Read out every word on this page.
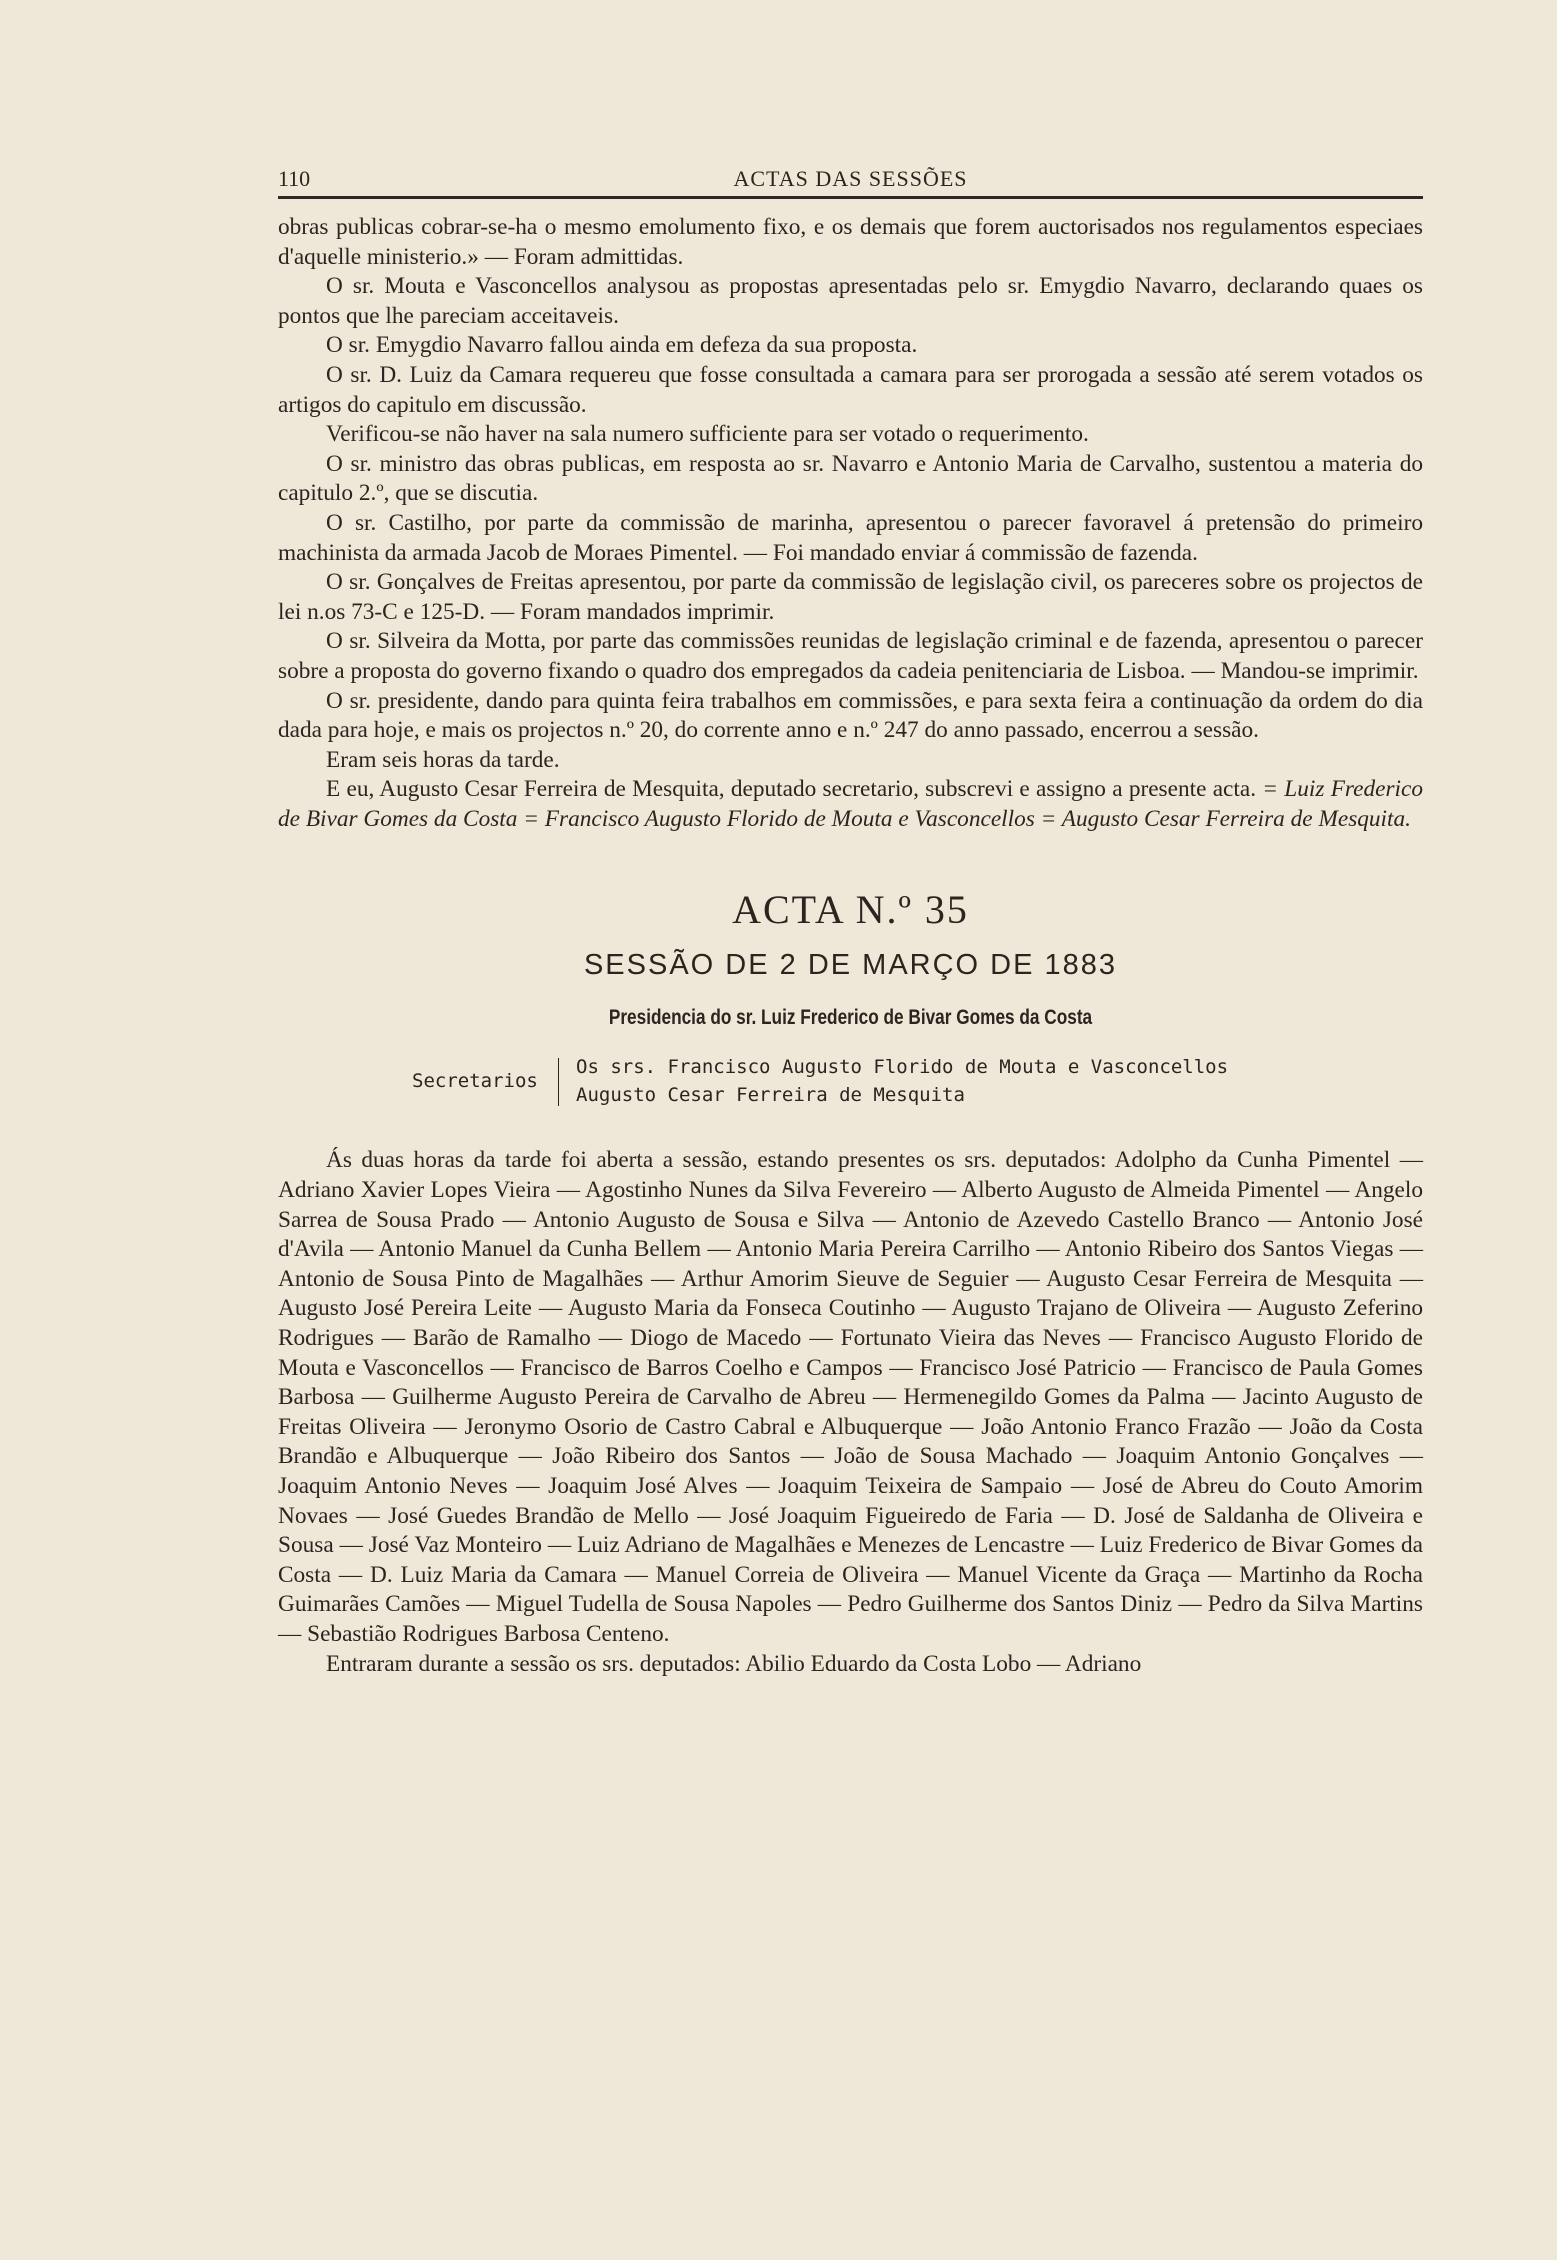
110	ACTAS DAS SESSÕES

obras publicas cobrar-se-ha o mesmo emolumento fixo, e os demais que forem auctorisados nos regulamentos especiaes d'aquelle ministerio.» — Foram admittidas.

O sr. Mouta e Vasconcellos analysou as propostas apresentadas pelo sr. Emygdio Navarro, declarando quaes os pontos que lhe pareciam acceitaveis.

O sr. Emygdio Navarro fallou ainda em defeza da sua proposta.

O sr. D. Luiz da Camara requereu que fosse consultada a camara para ser prorogada a sessão até serem votados os artigos do capitulo em discussão.

Verificou-se não haver na sala numero sufficiente para ser votado o requerimento.

O sr. ministro das obras publicas, em resposta ao sr. Navarro e Antonio Maria de Carvalho, sustentou a materia do capitulo 2.º, que se discutia.

O sr. Castilho, por parte da commissão de marinha, apresentou o parecer favoravel á pretensão do primeiro machinista da armada Jacob de Moraes Pimentel. — Foi mandado enviar á commissão de fazenda.

O sr. Gonçalves de Freitas apresentou, por parte da commissão de legislação civil, os pareceres sobre os projectos de lei n.os 73-C e 125-D. — Foram mandados imprimir.

O sr. Silveira da Motta, por parte das commissões reunidas de legislação criminal e de fazenda, apresentou o parecer sobre a proposta do governo fixando o quadro dos empregados da cadeia penitenciaria de Lisboa. — Mandou-se imprimir.

O sr. presidente, dando para quinta feira trabalhos em commissões, e para sexta feira a continuação da ordem do dia dada para hoje, e mais os projectos n.º 20, do corrente anno e n.º 247 do anno passado, encerrou a sessão.

Eram seis horas da tarde.

E eu, Augusto Cesar Ferreira de Mesquita, deputado secretario, subscrevi e assigno a presente acta. = Luiz Frederico de Bivar Gomes da Costa = Francisco Augusto Florido de Mouta e Vasconcellos = Augusto Cesar Ferreira de Mesquita.

ACTA N.º 35
SESSÃO DE 2 DE MARÇO DE 1883
Presidencia do sr. Luiz Frederico de Bivar Gomes da Costa
Secretarios
Os srs. Francisco Augusto Florido de Mouta e Vasconcellos
Augusto Cesar Ferreira de Mesquita

Ás duas horas da tarde foi aberta a sessão, estando presentes os srs. deputados: Adolpho da Cunha Pimentel — Adriano Xavier Lopes Vieira — Agostinho Nunes da Silva Fevereiro — Alberto Augusto de Almeida Pimentel — Angelo Sarrea de Sousa Prado — Antonio Augusto de Sousa e Silva — Antonio de Azevedo Castello Branco — Antonio José d'Avila — Antonio Manuel da Cunha Bellem — Antonio Maria Pereira Carrilho — Antonio Ribeiro dos Santos Viegas — Antonio de Sousa Pinto de Magalhães — Arthur Amorim Sieuve de Seguier — Augusto Cesar Ferreira de Mesquita — Augusto José Pereira Leite — Augusto Maria da Fonseca Coutinho — Augusto Trajano de Oliveira — Augusto Zeferino Rodrigues — Barão de Ramalho — Diogo de Macedo — Fortunato Vieira das Neves — Francisco Augusto Florido de Mouta e Vasconcellos — Francisco de Barros Coelho e Campos — Francisco José Patricio — Francisco de Paula Gomes Barbosa — Guilherme Augusto Pereira de Carvalho de Abreu — Hermenegildo Gomes da Palma — Jacinto Augusto de Freitas Oliveira — Jeronymo Osorio de Castro Cabral e Albuquerque — João Antonio Franco Frazão — João da Costa Brandão e Albuquerque — João Ribeiro dos Santos — João de Sousa Machado — Joaquim Antonio Gonçalves — Joaquim Antonio Neves — Joaquim José Alves — Joaquim Teixeira de Sampaio — José de Abreu do Couto Amorim Novaes — José Guedes Brandão de Mello — José Joaquim Figueiredo de Faria — D. José de Saldanha de Oliveira e Sousa — José Vaz Monteiro — Luiz Adriano de Magalhães e Menezes de Lencastre — Luiz Frederico de Bivar Gomes da Costa — D. Luiz Maria da Camara — Manuel Correia de Oliveira — Manuel Vicente da Graça — Martinho da Rocha Guimarães Camões — Miguel Tudella de Sousa Napoles — Pedro Guilherme dos Santos Diniz — Pedro da Silva Martins — Sebastião Rodrigues Barbosa Centeno.

Entraram durante a sessão os srs. deputados: Abilio Eduardo da Costa Lobo — Adriano
